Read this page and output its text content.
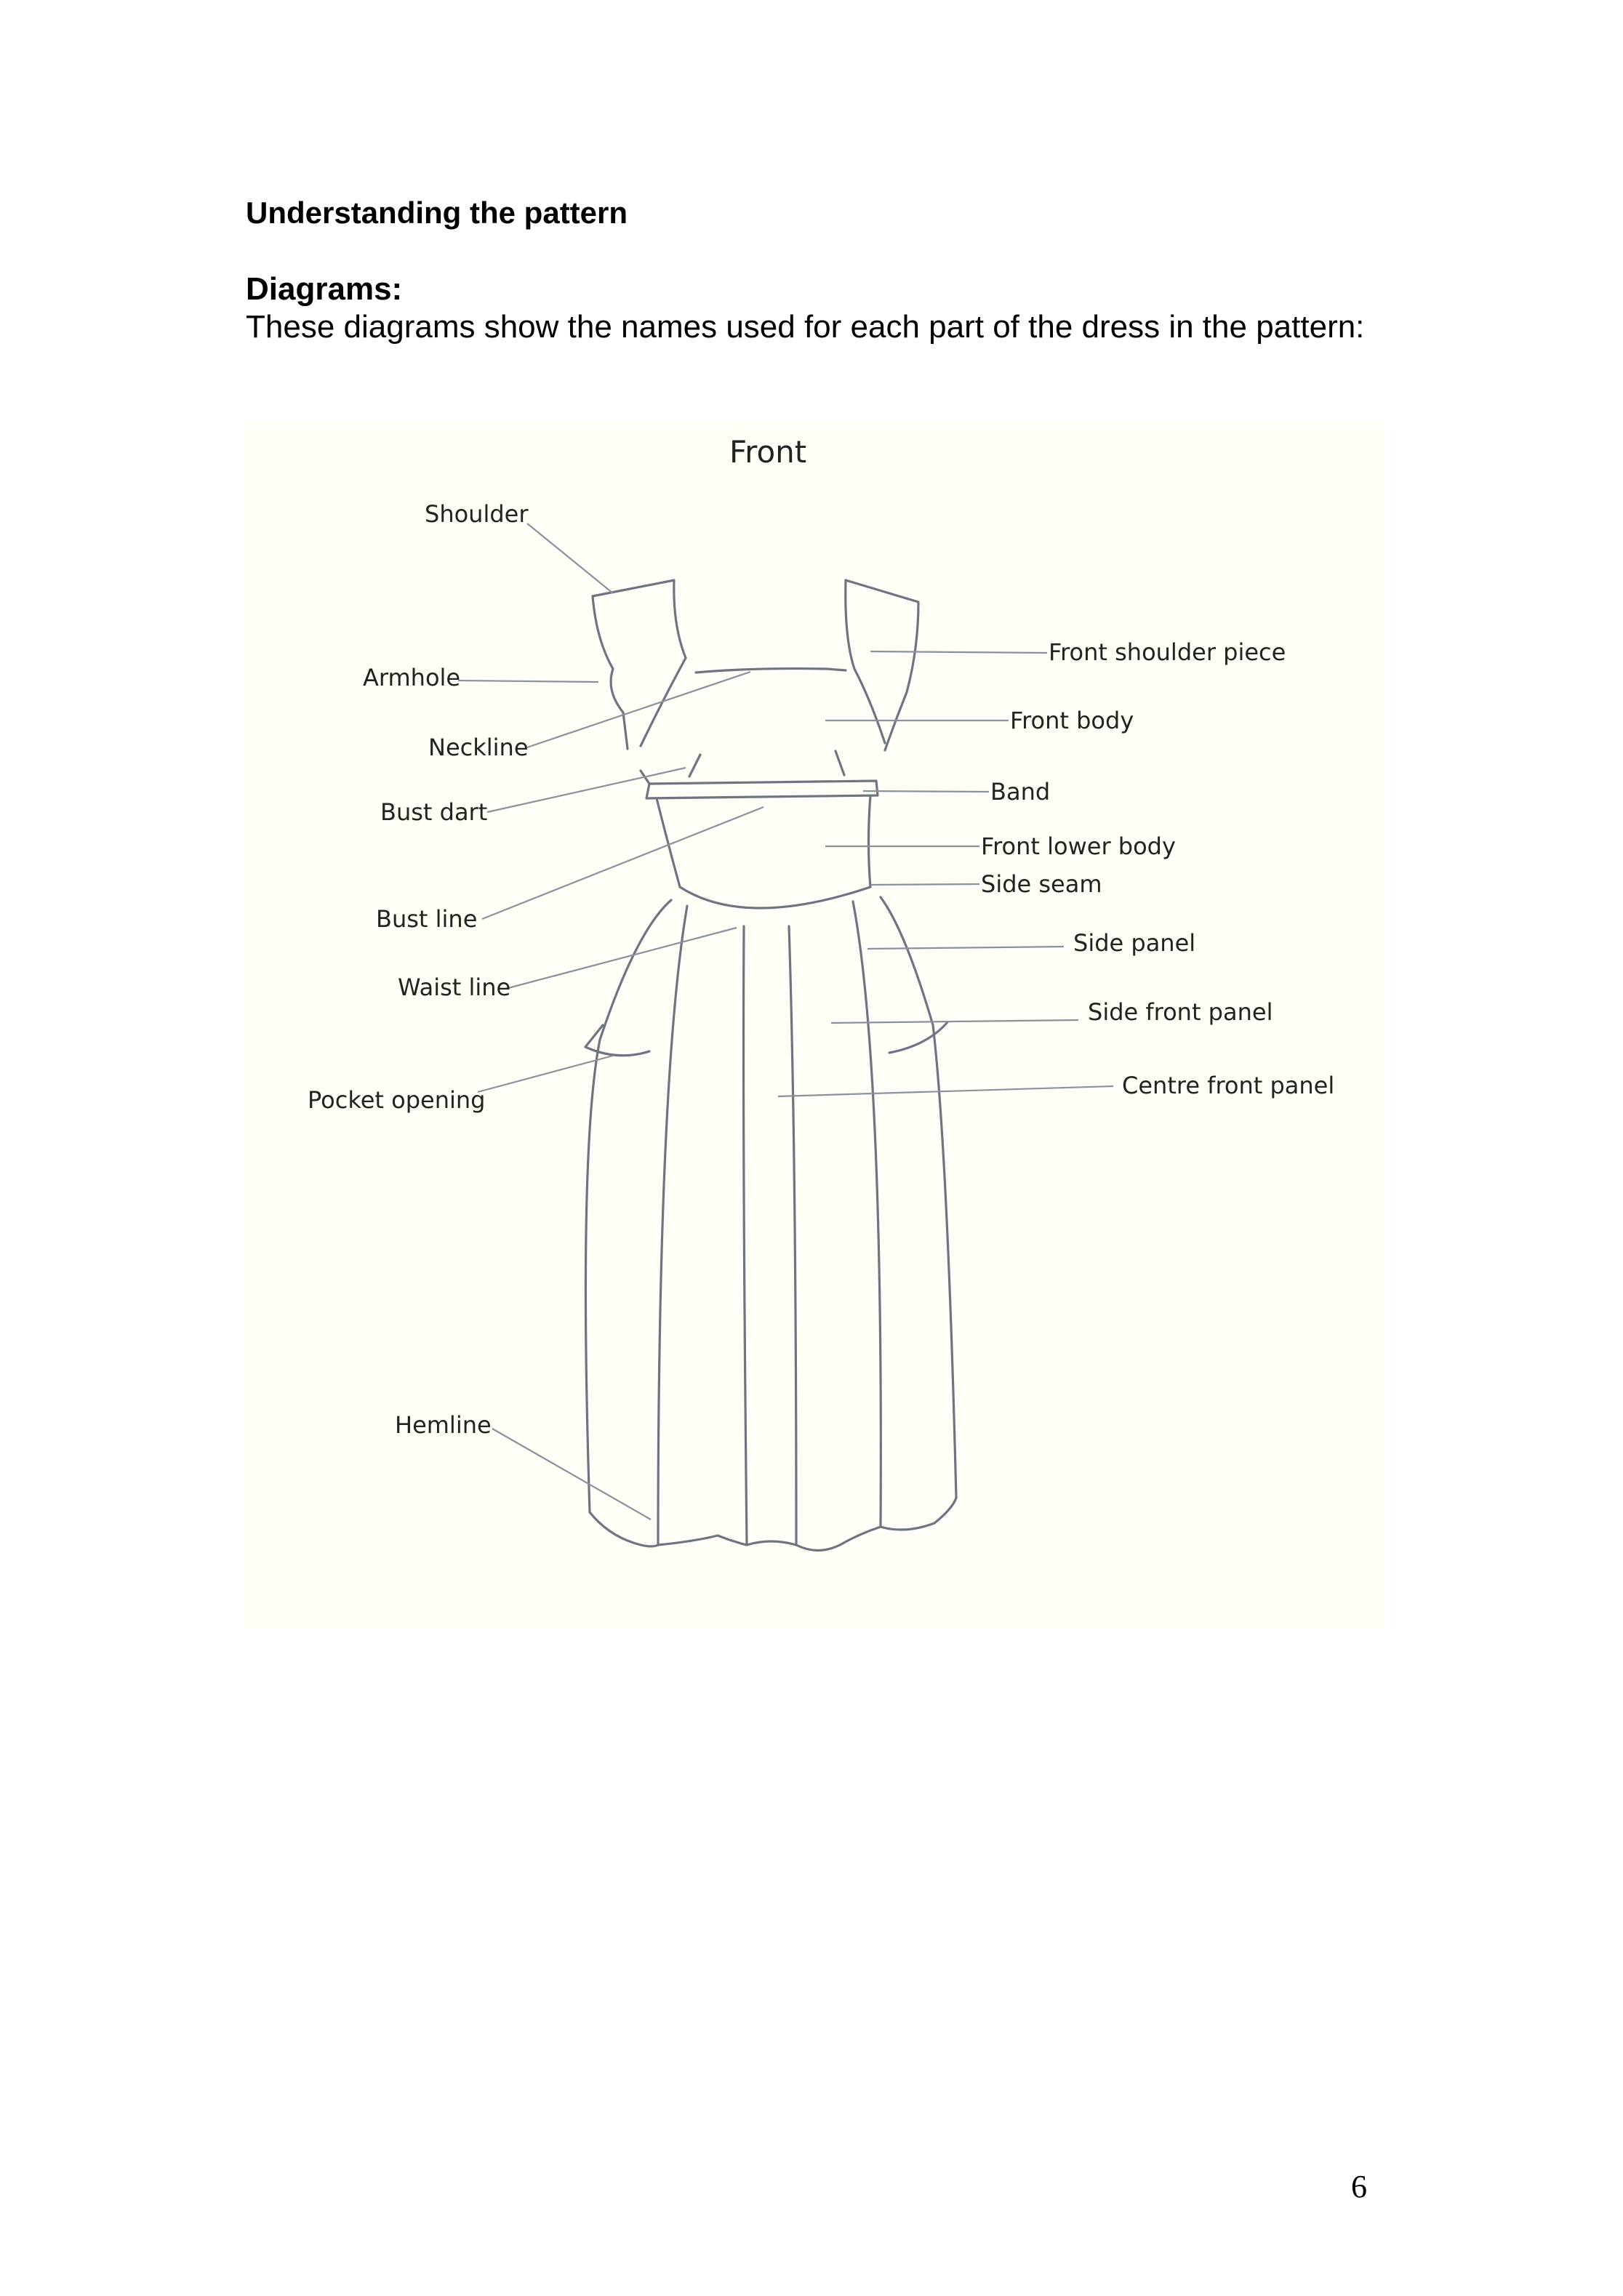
Understanding the pattern
Diagrams:

These diagrams show the names used for each part of the dress in the pattern:

Front
Shoulder
Armhole
Neckline
Bust dart
Bust line
Waist line
Pocket opening
Hemline
Front shoulder piece
Front body
Band
Front lower body
Side seam
Side panel
Side front panel
Centre front panel
6
